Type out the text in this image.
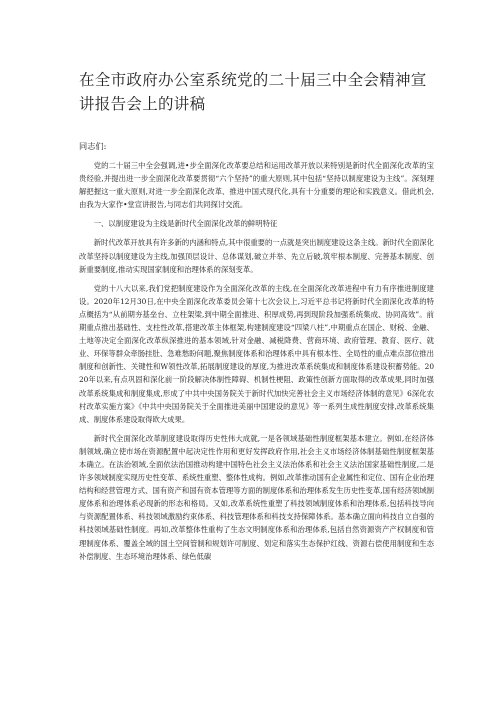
在全市政府办公室系统党的二十届三中全会精神宣讲报告会上的讲稿

同志们:

党的二十届三中全会强调,进•步全面深化改革要总结和运用改革开放以来特别是新时代全面深化改革的宝贵经验,并提出进一步全面深化改革要贯彻“六个坚持”的重大原则,其中包括“坚持以制度建设为主线”。深刻理解把握这一重大原则,对进一步全面深化改革、推进中国式现代化,具有十分重要的理论和实践意义。借此机会,由我为大家作•堂宣讲报告,与同志们共同探讨交流。

一、以制度建设为主线是新时代全面深化改革的鲜明特征

新时代改革开放具有许多新的内涵和特点,其中很重要的一点就是突出制度建设这条主线。新时代全面深化改革坚持以制度建设为主线,加强顶层设计、总体谋划,破立并举、先立后破,筑牢根本制度、完善基本制度、创新重要制度,推动实现国家制度和治理体系的深刻变革。

党的十八大以来,我们党把制度建设作为全面深化改革的主线,在全面深化改革进程中有力有序推进制度建设。2020年12月30日,在中央全面深化改革委员会第十七次会议上,习近平总书记将新时代全面深化改革的特点概括为“从前期夯基垒台、立柱架梁,到中期全面推进、积厚成势,再到现阶段加强系统集成、协同高效”。前期重点推出基础性、支柱性改革,搭建改革主体框架,构建制度建设“四梁八柱”,中期重点在国企、财税、金融、土地等决定全面深化改革纵深推进的基本领域,针对金融、减税降费、营商环境、政府管理、教育、医疗、就业、环保等群众牵肠挂肚、急难愁盼问题,聚焦制度体系和治理体系中具有根本性、全局性的重点难点部位推出制度和创新性、关键性和W领性改革,拓展制度建设的厚度,为推进改革系统集成和制度体系建设积蓄势能。2020年以来,有点巩固和深化前一阶段解决体制性障碍、机制性梗阻、政策性创新方面取得的改革成果,同时加强改革系统集成和制度集成,形成了中共中央国务院关于新时代加快完善社会主义市场经济体制的意见》6深化农村改革实施方案》《中共中央国务院关于全面推进美丽中国建设的意见》等一系列生成性制度安排,改革系统集成、制度体系建设取得欧大成果。

新时代全面深化改革制度建设取得历史性伟大成就,一是各领域基础性制度框架基本建立。例如,在经济体制领域,确立使市场在资源配置中起决定性作用和更好发挥政府作用,社会主义市场经济体制基础性制度框架基本确立。在法治领域,全面依法治国推动构建中国特色社会主义法治体系和社会主义法治国家基础性制度,二是许多领域制度实现历史性变革、系统性重塑、整体性成构。例如,改革推动国有企业属性和定位、国有企业治理结构和经营管理方式、国有资产和国有资本管理等方面的制度体系和治理体系发生历史性变革,国有经济领域制度体系和治理体系必现新的形态和格局。又如,改革系统性重塑了科技领域制度体系和治理体系,包括科技导向与资源配置体系、科技领域激励约束体系、科技管理体系和科技支持保障体系。基本确立面向科技自立自强的科技领域基础性制度。再如,改革整体性重构了生态文明制度体系和治理体系,包括自然资源资产产权制度和管理制度体系、覆盖全域的国土空间管制和规划许可制度、划定和落实生态保护红线、资源右偿使用制度和生态补偿制度、生态环境治理体系、绿色低碳
